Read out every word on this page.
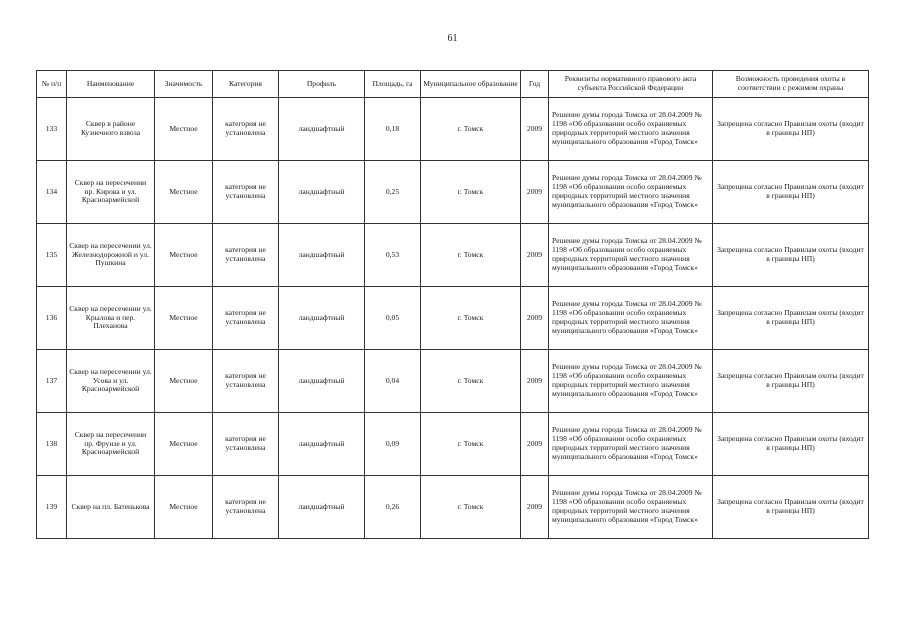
61
№ п/п	Наименование	Значимость	Категория	Профиль	Площадь, га	Муниципальное образование	Год	Реквизиты нормативного правового акта субъекта Российской Федерации	Возможность проведения охоты в соответствии с режимом охраны
133	Сквер в районе Кузнечного взвоза	Местное	категория не установлена	ландшафтный	0,18	г. Томск	2009	Решение думы города Томска от 28.04.2009 № 1198 «Об образовании особо охраняемых природных территорий местного значения муниципального образования «Город Томск»	Запрещена согласно Правилам охоты (входит в границы НП)
134	Сквер на пересечении пр. Кирова и ул. Красноармейской	Местное	категория не установлена	ландшафтный	0,25	г. Томск	2009	Решение думы города Томска от 28.04.2009 № 1198 «Об образовании особо охраняемых природных территорий местного значения муниципального образования «Город Томск»	Запрещена согласно Правилам охоты (входит в границы НП)
135	Сквер на пересечении ул. Железнодорожной и ул. Пушкина	Местное	категория не установлена	ландшафтный	0,53	г. Томск	2009	Решение думы города Томска от 28.04.2009 № 1198 «Об образовании особо охраняемых природных территорий местного значения муниципального образования «Город Томск»	Запрещена согласно Правилам охоты (входит в границы НП)
136	Сквер на пересечении ул. Крылова и пер. Плеханова	Местное	категория не установлена	ландшафтный	0,05	г. Томск	2009	Решение думы города Томска от 28.04.2009 № 1198 «Об образовании особо охраняемых природных территорий местного значения муниципального образования «Город Томск»	Запрещена согласно Правилам охоты (входит в границы НП)
137	Сквер на пересечении ул. Усова и ул. Красноармейской	Местное	категория не установлена	ландшафтный	0,04	г. Томск	2009	Решение думы города Томска от 28.04.2009 № 1198 «Об образовании особо охраняемых природных территорий местного значения муниципального образования «Город Томск»	Запрещена согласно Правилам охоты (входит в границы НП)
138	Сквер на пересечении пр. Фрунзе и ул. Красноармейской	Местное	категория не установлена	ландшафтный	0,09	г. Томск	2009	Решение думы города Томска от 28.04.2009 № 1198 «Об образовании особо охраняемых природных территорий местного значения муниципального образования «Город Томск»	Запрещена согласно Правилам охоты (входит в границы НП)
139	Сквер на пл. Батенькова	Местное	категория не установлена	ландшафтный	0,26	г. Томск	2009	Решение думы города Томска от 28.04.2009 № 1198 «Об образовании особо охраняемых природных территорий местного значения муниципального образования «Город Томск»	Запрещена согласно Правилам охоты (входит в границы НП)
